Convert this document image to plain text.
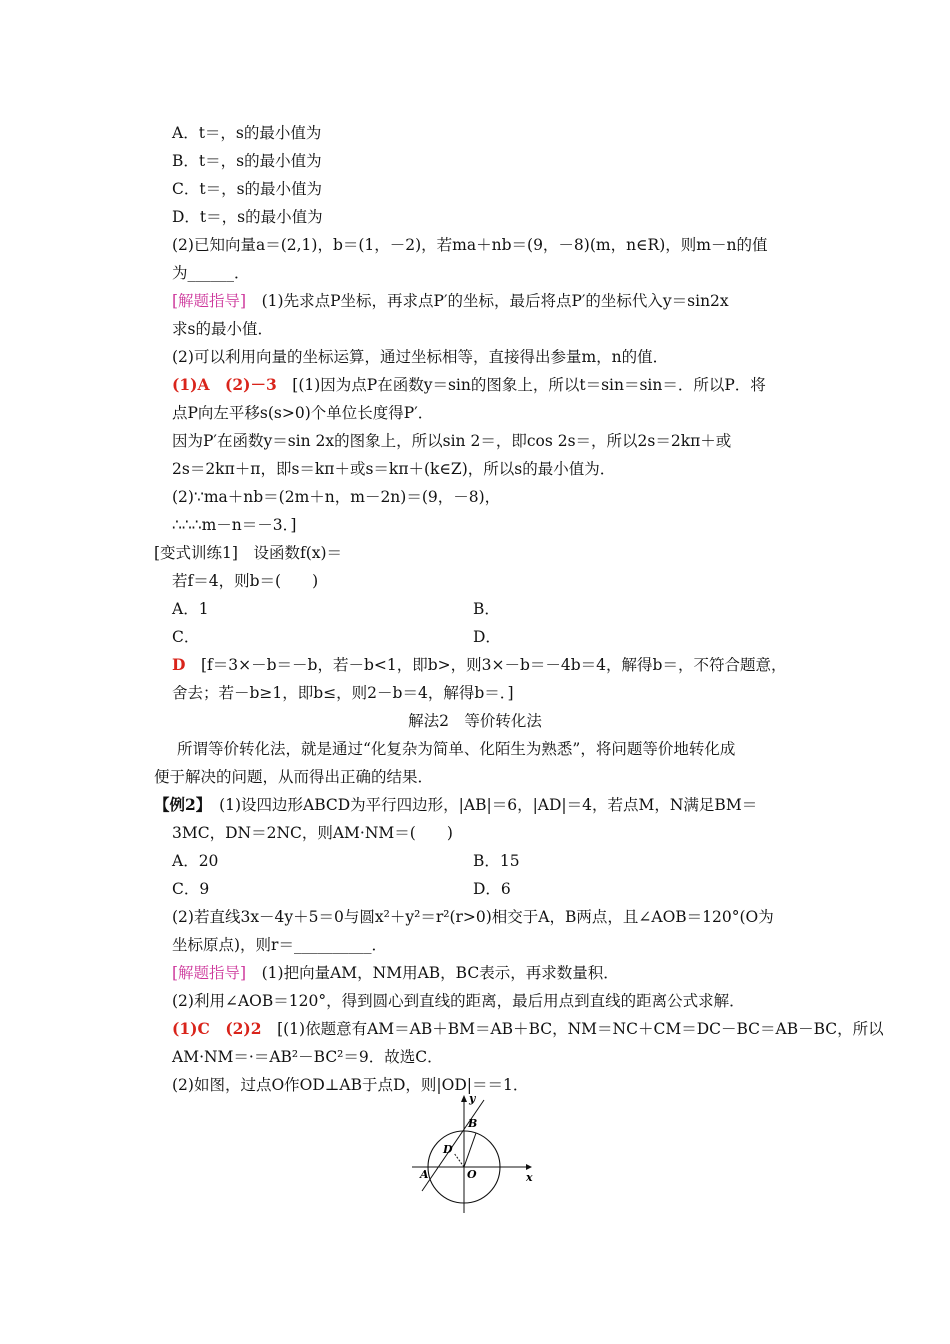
A．t＝，s的最小值为
B．t＝，s的最小值为
C．t＝，s的最小值为
D．t＝，s的最小值为
(2)已知向量a＝(2,1)，b＝(1，－2)，若ma＋nb＝(9，－8)(m，n∈R)，则m－n的值
为______．
[解题指导]　 (1)先求点P坐标，再求点P′的坐标，最后将点P′的坐标代入y＝sin2x
求s的最小值．
(2)可以利用向量的坐标运算，通过坐标相等，直接得出参量m，n的值．
(1)A　 (2)－3　 [(1)因为点P在函数y＝sin的图象上，所以t＝sin＝sin＝．所以P．将
点P向左平移s(s>0)个单位长度得P′．
因为P′在函数y＝sin 2x的图象上，所以sin 2＝，即cos 2s＝，所以2s＝2kπ＋或
2s＝2kπ＋π，即s＝kπ＋或s＝kπ＋(k∈Z)，所以s的最小值为．
(2)∵ma＋nb＝(2m＋n，m－2n)＝(9，－8)，
∴∴∴m－n＝－3．]
[变式训练1]　 设函数f(x)＝
若f＝4，则b＝(　　)
A．1	B．
C．	D．
D　 [f＝3×－b＝－b，若－b<1，即b>，则3×－b＝－4b＝4，解得b＝，不符合题意，
舍去；若－b≥1，即b≤，则2－b＝4，解得b＝．]
解法2　等价转化法
所谓等价转化法，就是通过“化复杂为简单、化陌生为熟悉”，将问题等价地转化成
便于解决的问题，从而得出正确的结果．
【例2】　 (1)设四边形ABCD为平行四边形，|AB|＝6，|AD|＝4，若点M，N满足BM＝
3MC，DN＝2NC，则AM·NM＝(　　)
A．20	B．15
C．9	D．6
(2)若直线3x－4y＋5＝0与圆x²＋y²＝r²(r>0)相交于A，B两点，且∠AOB＝120°(O为
坐标原点)，则r＝__________．
[解题指导]　 (1)把向量AM，NM用AB，BC表示，再求数量积．
(2)利用∠AOB＝120°，得到圆心到直线的距离，最后用点到直线的距离公式求解．
(1)C　 (2)2　 [(1)依题意有AM＝AB＋BM＝AB＋BC，NM＝NC＋CM＝DC－BC＝AB－BC，所以
AM·NM＝·＝AB²－BC²＝9．故选C．
(2)如图，过点O作OD⊥AB于点D，则|OD|＝＝1．
y
x
B
D
A	O
